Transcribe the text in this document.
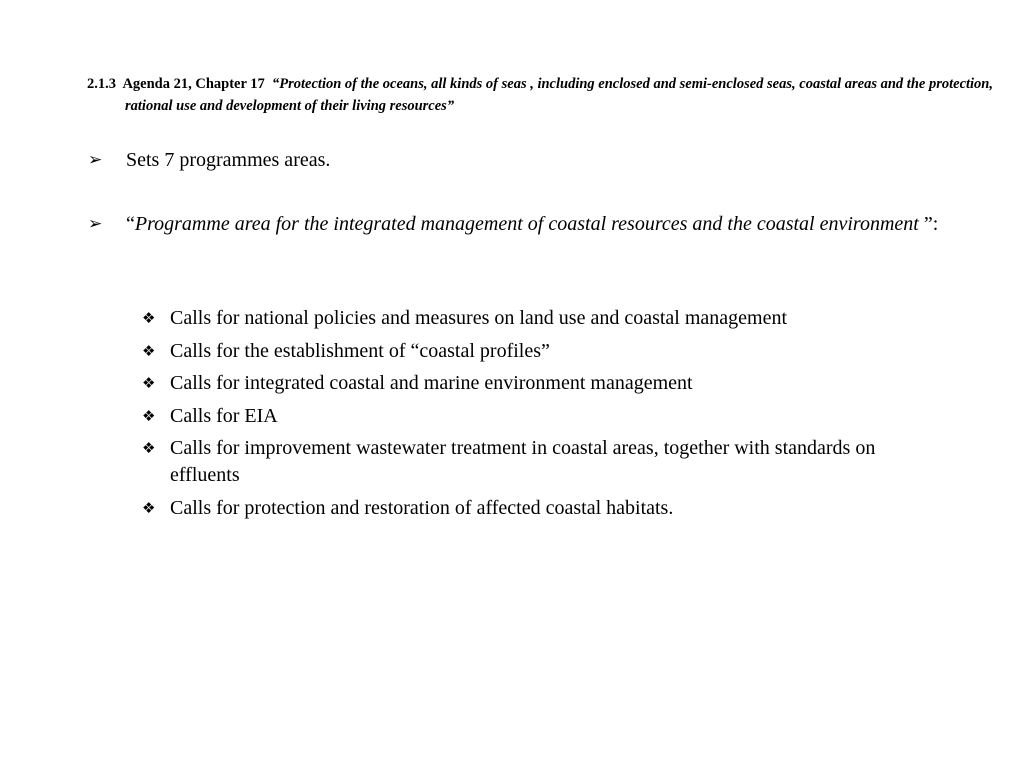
2.1.3 Agenda 21, Chapter 17 “Protection of the oceans, all kinds of seas , including enclosed and semi-enclosed seas, coastal areas and the protection, rational use and development of their living resources”
➢ Sets 7 programmes areas.
➢ “Programme area for the integrated management of coastal resources and the coastal environment ”:
❖ Calls for national policies and measures on land use and coastal management
❖ Calls for the establishment of “coastal profiles”
❖ Calls for integrated coastal and marine environment management
❖ Calls for EIA
❖ Calls for improvement wastewater treatment in coastal areas, together with standards on effluents
❖ Calls for protection and restoration of affected coastal habitats.
